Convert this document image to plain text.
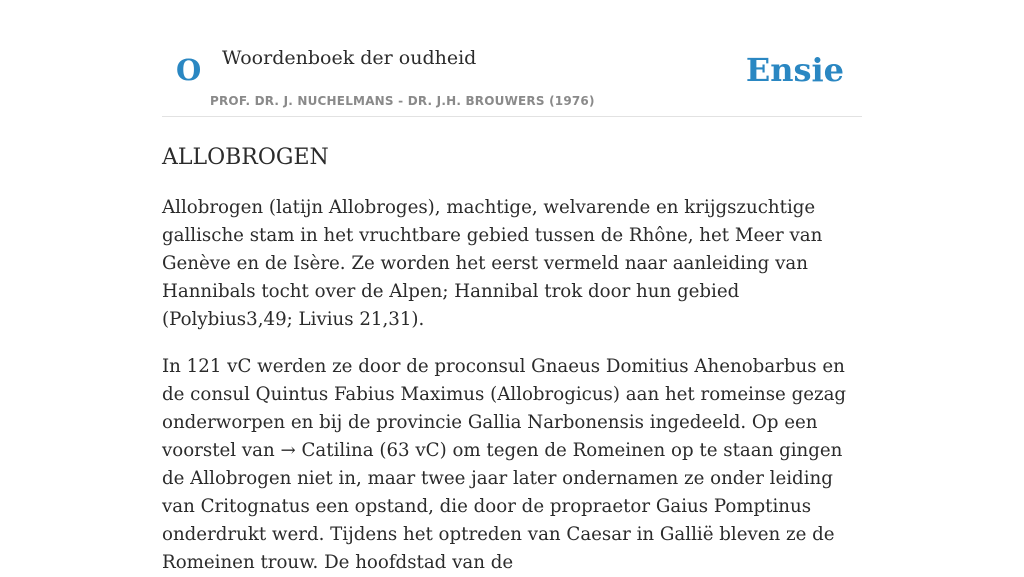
O Woordenboek der oudheid
PROF. DR. J. NUCHELMANS - DR. J.H. BROUWERS (1976)
Ensie
ALLOBROGEN

Allobrogen (latijn Allobroges), machtige, welvarende en krijgszuchtige gallische stam in het vruchtbare gebied tussen de Rhône, het Meer van Genève en de Isère. Ze worden het eerst vermeld naar aanleiding van Hannibals tocht over de Alpen; Hannibal trok door hun gebied (Polybius3,49; Livius 21,31).

In 121 vC werden ze door de proconsul Gnaeus Domitius Ahenobarbus en de consul Quintus Fabius Maximus (Allobrogicus) aan het romeinse gezag onderworpen en bij de provincie Gallia Narbonensis ingedeeld. Op een voorstel van → Catilina (63 vC) om tegen de Romeinen op te staan gingen de Allobrogen niet in, maar twee jaar later ondernamen ze onder leiding van Critognatus een opstand, die door de propraetor Gaius Pomptinus onderdrukt werd. Tijdens het optreden van Caesar in Gallië bleven ze de Romeinen trouw. De hoofdstad van de
